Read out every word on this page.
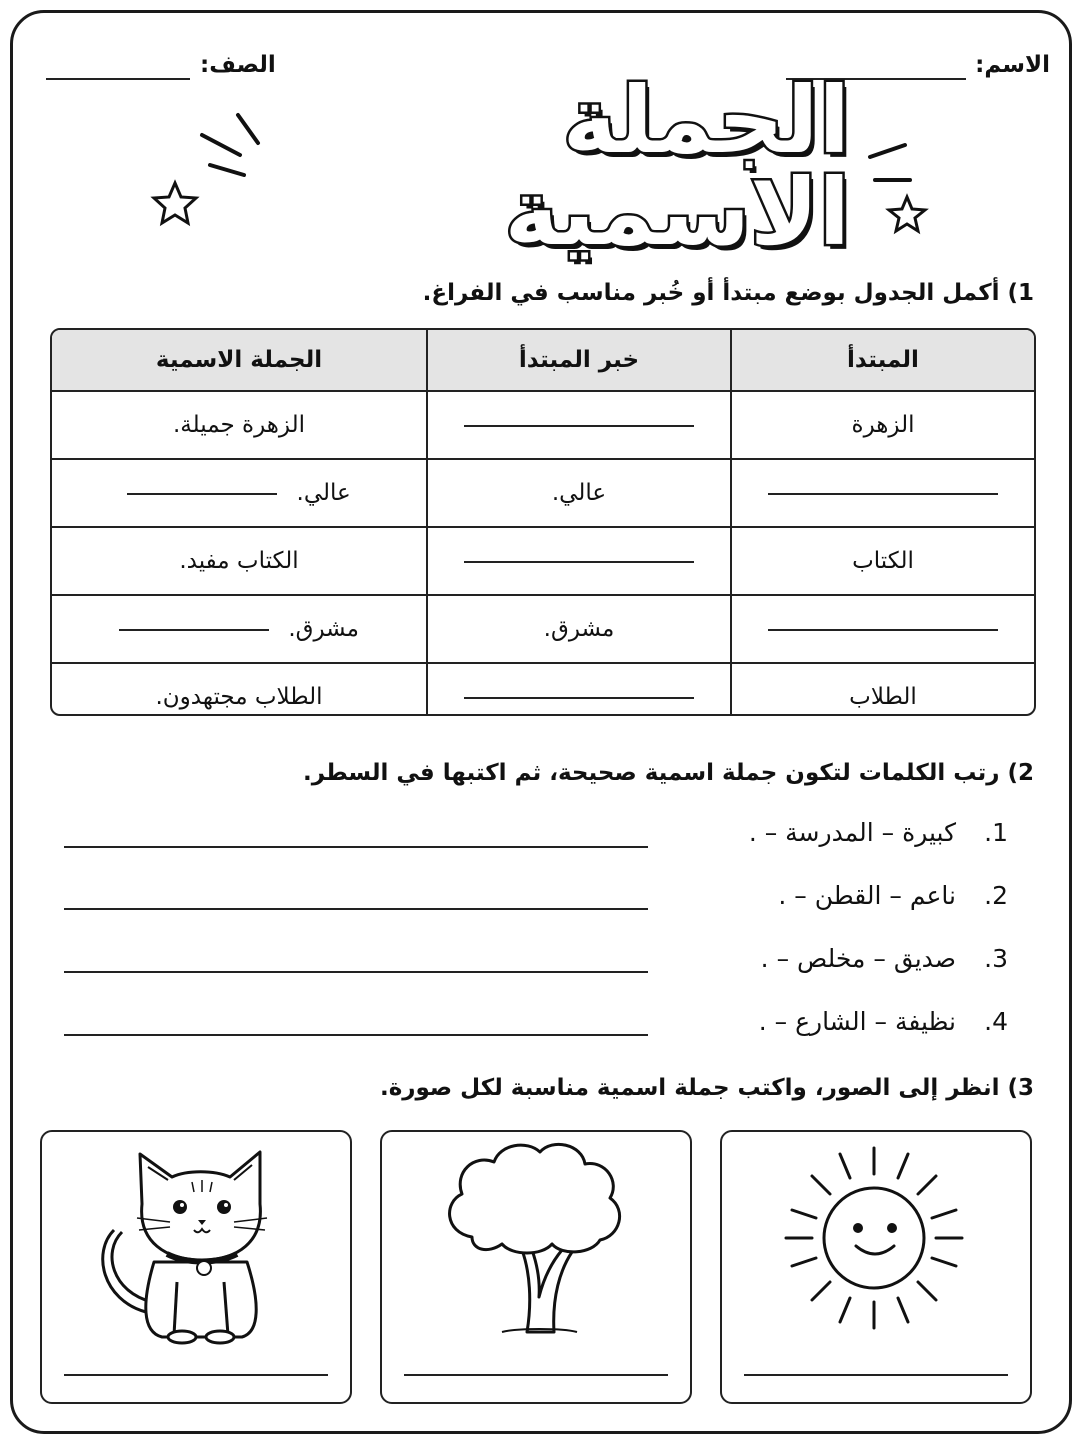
الاسم:
الصف:
الجملة الاسمية
1) أكمل الجدول بوضع مبتدأ أو خُبر مناسب في الفراغ.
المبتدأ	خبر المبتدأ	الجملة الاسمية
الزهرة		الزهرة جميلة.
	عالي.	عالي.
الكتاب		الكتاب مفيد.
	مشرق.	مشرق.
الطلاب		الطلاب مجتهدون.
2) رتب الكلمات لتكون جملة اسمية صحيحة، ثم اكتبها في السطر.
1.كبيرة – المدرسة – .
2.ناعم – القطن – .
3.صديق – مخلص – .
4.نظيفة – الشارع – .
3) انظر إلى الصور، واكتب جملة اسمية مناسبة لكل صورة.
